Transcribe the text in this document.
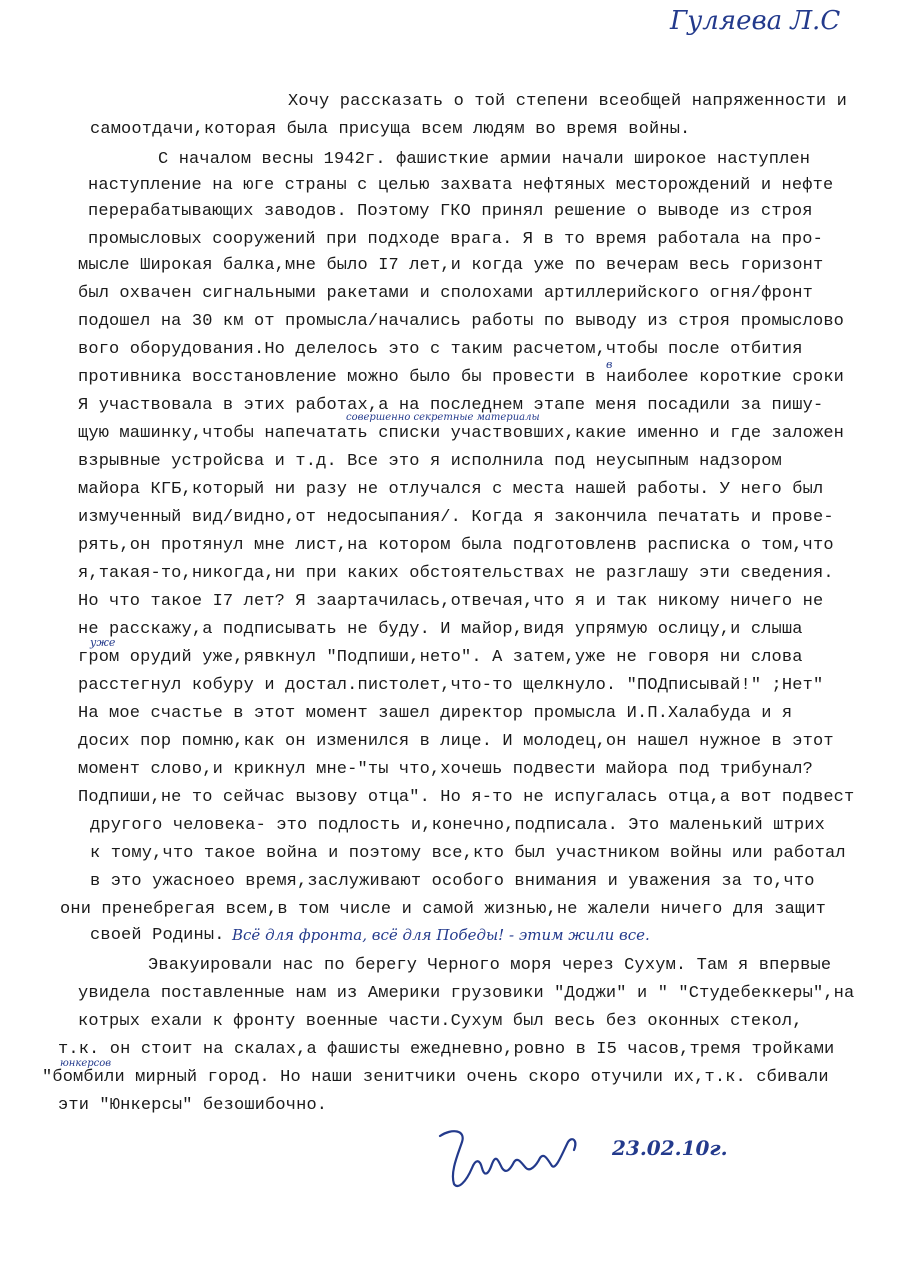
Гуляева Л.С

Хочу рассказать о той степени всеобщей напряженности и

самоотдачи,которая была присуща всем людям во время войны.

С началом весны 1942г. фашисткие армии начали широкое наступлен

наступление на юге страны с целью захвата нефтяных месторождений и нефте

перерабатывающих заводов. Поэтому ГКО принял решение о выводе из строя

промысловых сооружений при подходе врага. Я в то время работала на про-

мысле Широкая балка,мне было I7 лет,и когда уже по вечерам весь горизонт

был охвачен сигнальными ракетами и сполохами артиллерийского огня/фронт

подошел на 30 км от промысла/начались работы по выводу из строя промыслово

вого оборудования.Но делелось это с таким расчетом,чтобы после отбития

противника восстановление можно было бы провести в наиболее короткие сроки

Я участвовала в этих работах,а на последнем этапе меня посадили за пишу-

щую машинку,чтобы напечатать списки участвовших,какие именно и где заложен

взрывные устройсва и т.д. Все это я исполнила под неусыпным надзором

майора КГБ,который ни разу не отлучался с места нашей работы. У него был

измученный вид/видно,от недосыпания/. Когда я закончила печатать и прове-

рять,он протянул мне лист,на котором была подготовленв расписка о том,что

я,такая-то,никогда,ни при каких обстоятельствах не разглашу эти сведения.

Но что такое I7 лет? Я заартачилась,отвечая,что я и так никому ничего не

не расскажу,а подписывать не буду. И майор,видя упрямую ослицу,и слыша

гром орудий уже,рявкнул "Подпиши,нето". А затем,уже не говоря ни слова

расстегнул кобуру и достал.пистолет,что-то щелкнуло. "ПОДписывай!" ;Нет"

На мое счастье в этот момент зашел директор промысла И.П.Халабуда и я

досих пор помню,как он изменился в лице. И молодец,он нашел нужное в этот

момент слово,и крикнул мне-"ты что,хочешь подвести майора под трибунал?

Подпиши,не то сейчас вызову отца". Но я-то не испугалась отца,а вот подвест

другого человека- это подлость и,конечно,подписала. Это маленький штрих

к тому,что такое война и поэтому все,кто был участником войны или работал

в это ужасноео время,заслуживают особого внимания и уважения за то,что

они пренебрегая всем,в том числе и самой жизнью,не жалели ничего для защит

своей Родины. Всё для фронта, всё для Победы! - этим жили все.

Эвакуировали нас по берегу Черного моря через Сухум. Там я впервые

увидела поставленные нам из Америки грузовики "Доджи" и " "Студебеккеры",на

котрых ехали к фронту военные части.Сухум был весь без оконных стекол,

т.к. он стоит на скалах,а фашисты ежедневно,ровно в I5 часов,тремя тройками

"бомбили мирный город. Но наши зенитчики очень скоро отучили их,т.к. сбивали

эти "Юнкерсы" безошибочно.

совершенно секретные материалы
уже
в
юнкерсов
23.02.10г.
